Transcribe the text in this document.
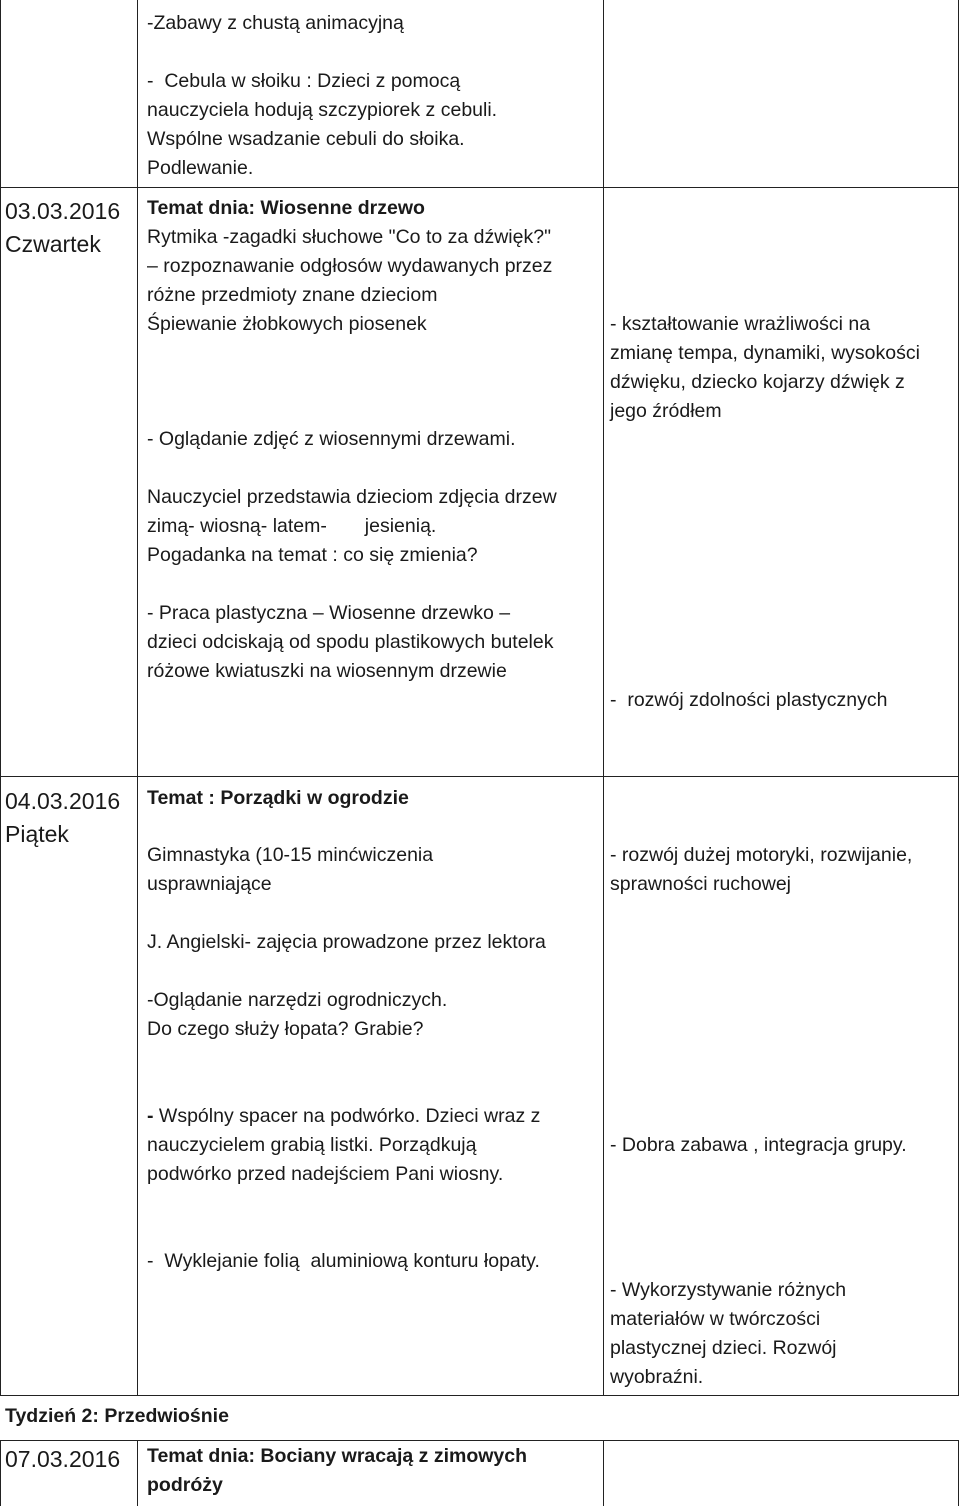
-Zabawy z chustą animacyjną
-  Cebula w słoiku : Dzieci z pomocą
nauczyciela hodują szczypiorek z cebuli.
Wspólne wsadzanie cebuli do słoika.
Podlewanie.
03.03.2016
Czwartek
Temat dnia: Wiosenne drzewo
Rytmika -zagadki słuchowe "Co to za dźwięk?"
– rozpoznawanie odgłosów wydawanych przez
różne przedmioty znane dzieciom
Śpiewanie żłobkowych piosenek
- Oglądanie zdjęć z wiosennymi drzewami.
Nauczyciel przedstawia dzieciom zdjęcia drzew
zimą- wiosną- latem-       jesienią.
Pogadanka na temat : co się zmienia?
- Praca plastyczna – Wiosenne drzewko –
dzieci odciskają od spodu plastikowych butelek
różowe kwiatuszki na wiosennym drzewie
- kształtowanie wrażliwości na
zmianę tempa, dynamiki, wysokości
dźwięku, dziecko kojarzy dźwięk z
jego źródłem
-  rozwój zdolności plastycznych
04.03.2016
Piątek
Temat : Porządki w ogrodzie
Gimnastyka (10-15 minćwiczenia
usprawniające
J. Angielski- zajęcia prowadzone przez lektora
-Oglądanie narzędzi ogrodniczych.
Do czego służy łopata? Grabie?
- Wspólny spacer na podwórko. Dzieci wraz z
nauczycielem grabią listki. Porządkują
podwórko przed nadejściem Pani wiosny.
-  Wyklejanie folią  aluminiową konturu łopaty.
- rozwój dużej motoryki, rozwijanie,
sprawności ruchowej
- Dobra zabawa , integracja grupy.
- Wykorzystywanie różnych
materiałów w twórczości
plastycznej dzieci. Rozwój
wyobraźni.
Tydzień 2: Przedwiośnie
07.03.2016 Temat dnia: Bociany wracają z zimowych
podróży
